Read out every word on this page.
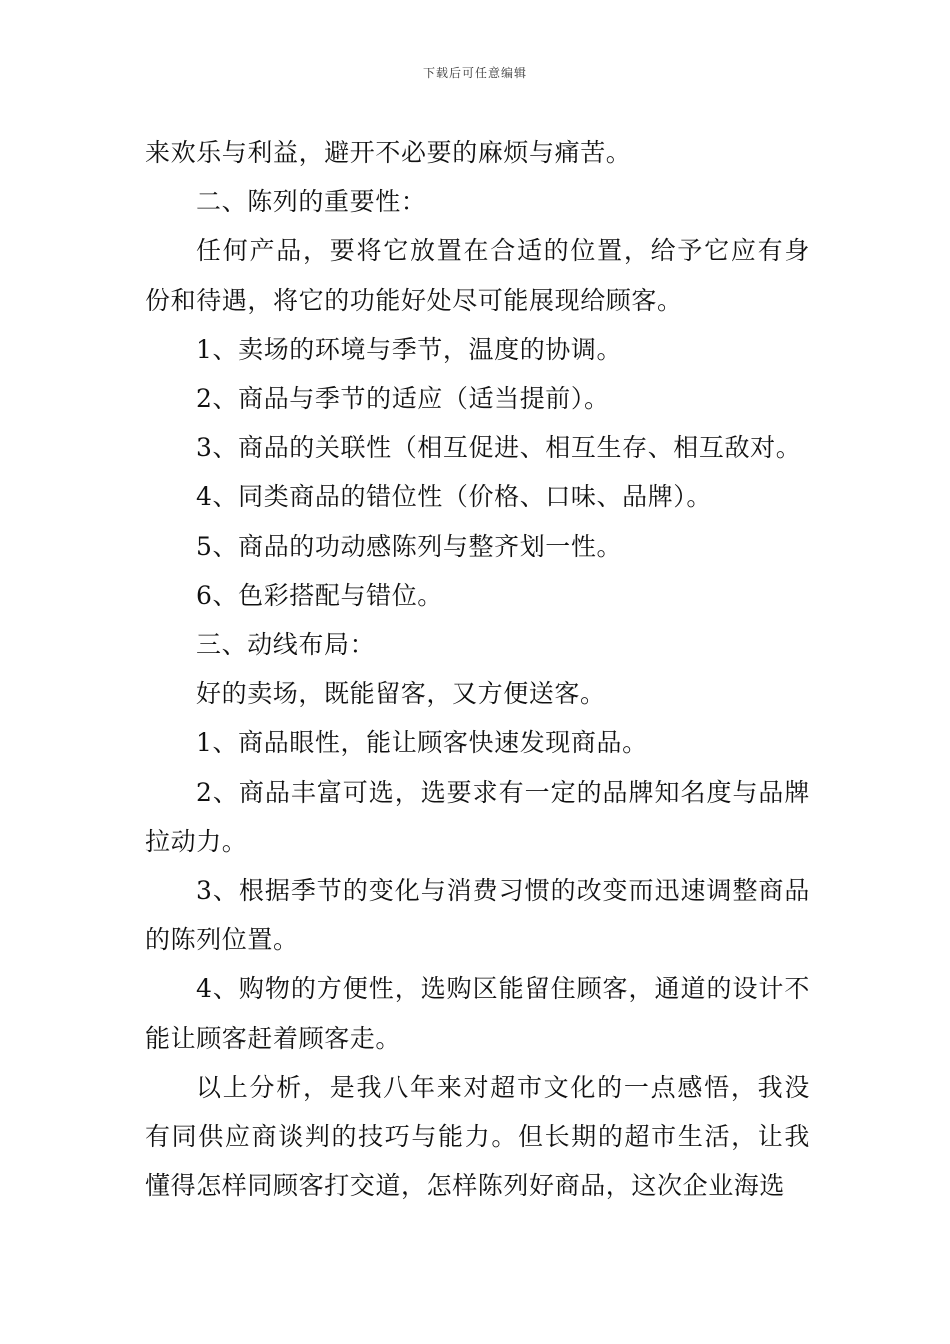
下载后可任意编辑

来欢乐与利益，避开不必要的麻烦与痛苦。

二、陈列的重要性：

任何产品，要将它放置在合适的位置，给予它应有身份和待遇，将它的功能好处尽可能展现给顾客。

1、卖场的环境与季节，温度的协调。

2、商品与季节的适应（适当提前）。

3、商品的关联性（相互促进、相互生存、相互敌对。

4、同类商品的错位性（价格、口味、品牌）。

5、商品的功动感陈列与整齐划一性。

6、色彩搭配与错位。

三、动线布局：

好的卖场，既能留客，又方便送客。

1、商品眼性，能让顾客快速发现商品。

2、商品丰富可选，选要求有一定的品牌知名度与品牌拉动力。

3、根据季节的变化与消费习惯的改变而迅速调整商品的陈列位置。

4、购物的方便性，选购区能留住顾客，通道的设计不能让顾客赶着顾客走。

以上分析，是我八年来对超市文化的一点感悟，我没有同供应商谈判的技巧与能力。但长期的超市生活，让我懂得怎样同顾客打交道，怎样陈列好商品，这次企业海选
